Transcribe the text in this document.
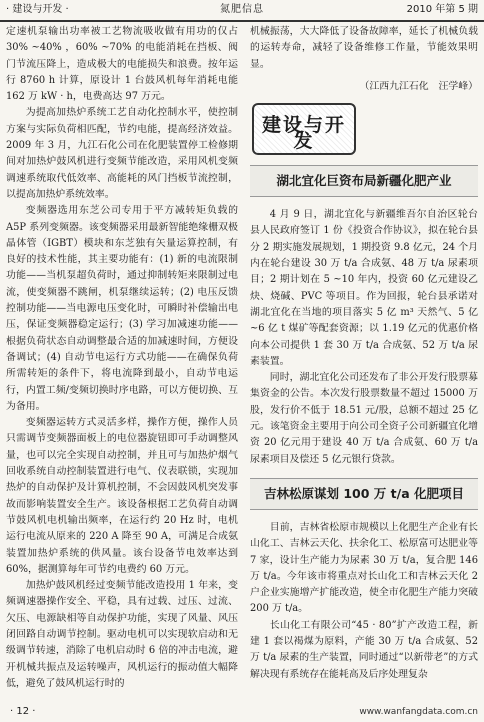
· 建设与开发 ·	氮肥信息	2010 年第 5 期

定速机泵输出功率被工艺物流吸收做有用功的仅占 30% ~40% ，60% ~70% 的电能消耗在挡板、阀门节流压降上，造成极大的电能损失和浪费。按年运行 8760 h 计算，原设计 1 台鼓风机每年消耗电能 162 万 kW · h，电费高达 97 万元。

为提高加热炉系统工艺自动化控制水平，使控制方案与实际负荷相匹配，节约电能，提高经济效益。2009 年 3 月，九江石化公司在化肥装置停工检修期间对加热炉鼓风机进行变频节能改造，采用风机变频调速系统取代低效率、高能耗的风门挡板节流控制，以提高加热炉系统效率。

变频器选用东芝公司专用于平方减转矩负载的 A5P 系列变频器。该变频器采用最新智能绝缘栅双极晶体管（IGBT）模块和东芝独有矢量运算控制，有良好的技术性能，其主要功能有：(1) 新的电流限制功能——当机泵超负荷时，通过抑制转矩来限制过电流，使变频器不跳闸，机泵继续运转；(2) 电压反馈控制功能——当电源电压变化时，可瞬时补偿输出电压，保证变频器稳定运行；(3) 学习加减速功能——根据负荷状态自动调整最合适的加减速时间，方便设备调试；(4) 自动节电运行方式功能——在确保负荷所需转矩的条件下，将电流降到最小，自动节电运行，内置工频/变频切换时序电路，可以方便切换、互为备用。

变频器运转方式灵活多样，操作方便，操作人员只需调节变频器面板上的电位器旋钮即可手动调整风量，也可以完全实现自动控制，并且可与加热炉烟气回收系统自动控制装置进行电气、仪表联锁，实现加热炉的自动保护及计算机控制，不会因鼓风机突发事故而影响装置安全生产。该设备根据工艺负荷自动调节鼓风机电机输出频率，在运行约 20 Hz 时，电机运行电流从原来的 220 A 降至 90 A，可满足合成氨装置加热炉系统的供风量。该台设备节电效率达到 60%，据测算每年可节约电费约 60 万元。

加热炉鼓风机经过变频节能改造投用 1 年来，变频调速器操作安全、平稳，具有过载、过压、过流、欠压、电源缺相等自动保护功能，实现了风量、风压闭回路自动调节控制。驱动电机可以实现软启动和无级调节转速，消除了电机启动时 6 倍的冲击电流，避开机械共振点及运转噪声，风机运行的振动值大幅降低，避免了鼓风机运行时的

机械振荡，大大降低了设备故障率，延长了机械负载的运转寿命，减轻了设备维修工作量，节能效果明显。

（江西九江石化　汪学峰）
建设与开发
湖北宜化巨资布局新疆化肥产业

4 月 9 日，湖北宜化与新疆维吾尔自治区轮台县人民政府签订 1 份《投资合作协议》，拟在轮台县分 2 期实施发展规划，1 期投资 9.8 亿元，24 个月内在轮台建设 30 万 t/a 合成氨、48 万 t/a 尿素项目；2 期计划在 5 ~10 年内，投资 60 亿元建设乙炔、烧碱、PVC 等项目。作为回报，轮台县承诺对湖北宜化在当地的项目落实 5 亿 m³ 天然气、5 亿 ~6 亿 t 煤矿等配套资源；以 1.19 亿元的优惠价格向本公司提供 1 套 30 万 t/a 合成氨、52 万 t/a 尿素装置。

同时，湖北宜化公司还发布了非公开发行股票募集资金的公告。本次发行股票数量不超过 15000 万股，发行价不低于 18.51 元/股，总额不超过 25 亿元。该笔资金主要用于向公司全资子公司新疆宜化增资 20 亿元用于建设 40 万 t/a 合成氨、60 万 t/a 尿素项目及偿还 5 亿元银行贷款。

吉林松原谋划 100 万 t/a 化肥项目

目前，吉林省松原市规模以上化肥生产企业有长山化工、吉林云天化、扶余化工、松原富可达肥业等 7 家，设计生产能力为尿素 30 万 t/a，复合肥 146 万 t/a。今年该市将重点对长山化工和吉林云天化 2 户企业实施增产扩能改造，使全市化肥生产能力突破 200 万 t/a。

长山化工有限公司“45 · 80”扩产改造工程，新建 1 套以褐煤为原料，产能 30 万 t/a 合成氨、52 万 t/a 尿素的生产装置，同时通过“以新带老”的方式解决现有系统存在能耗高及后序处理复杂

· 12 ·	www.wanfangdata.com.cn
